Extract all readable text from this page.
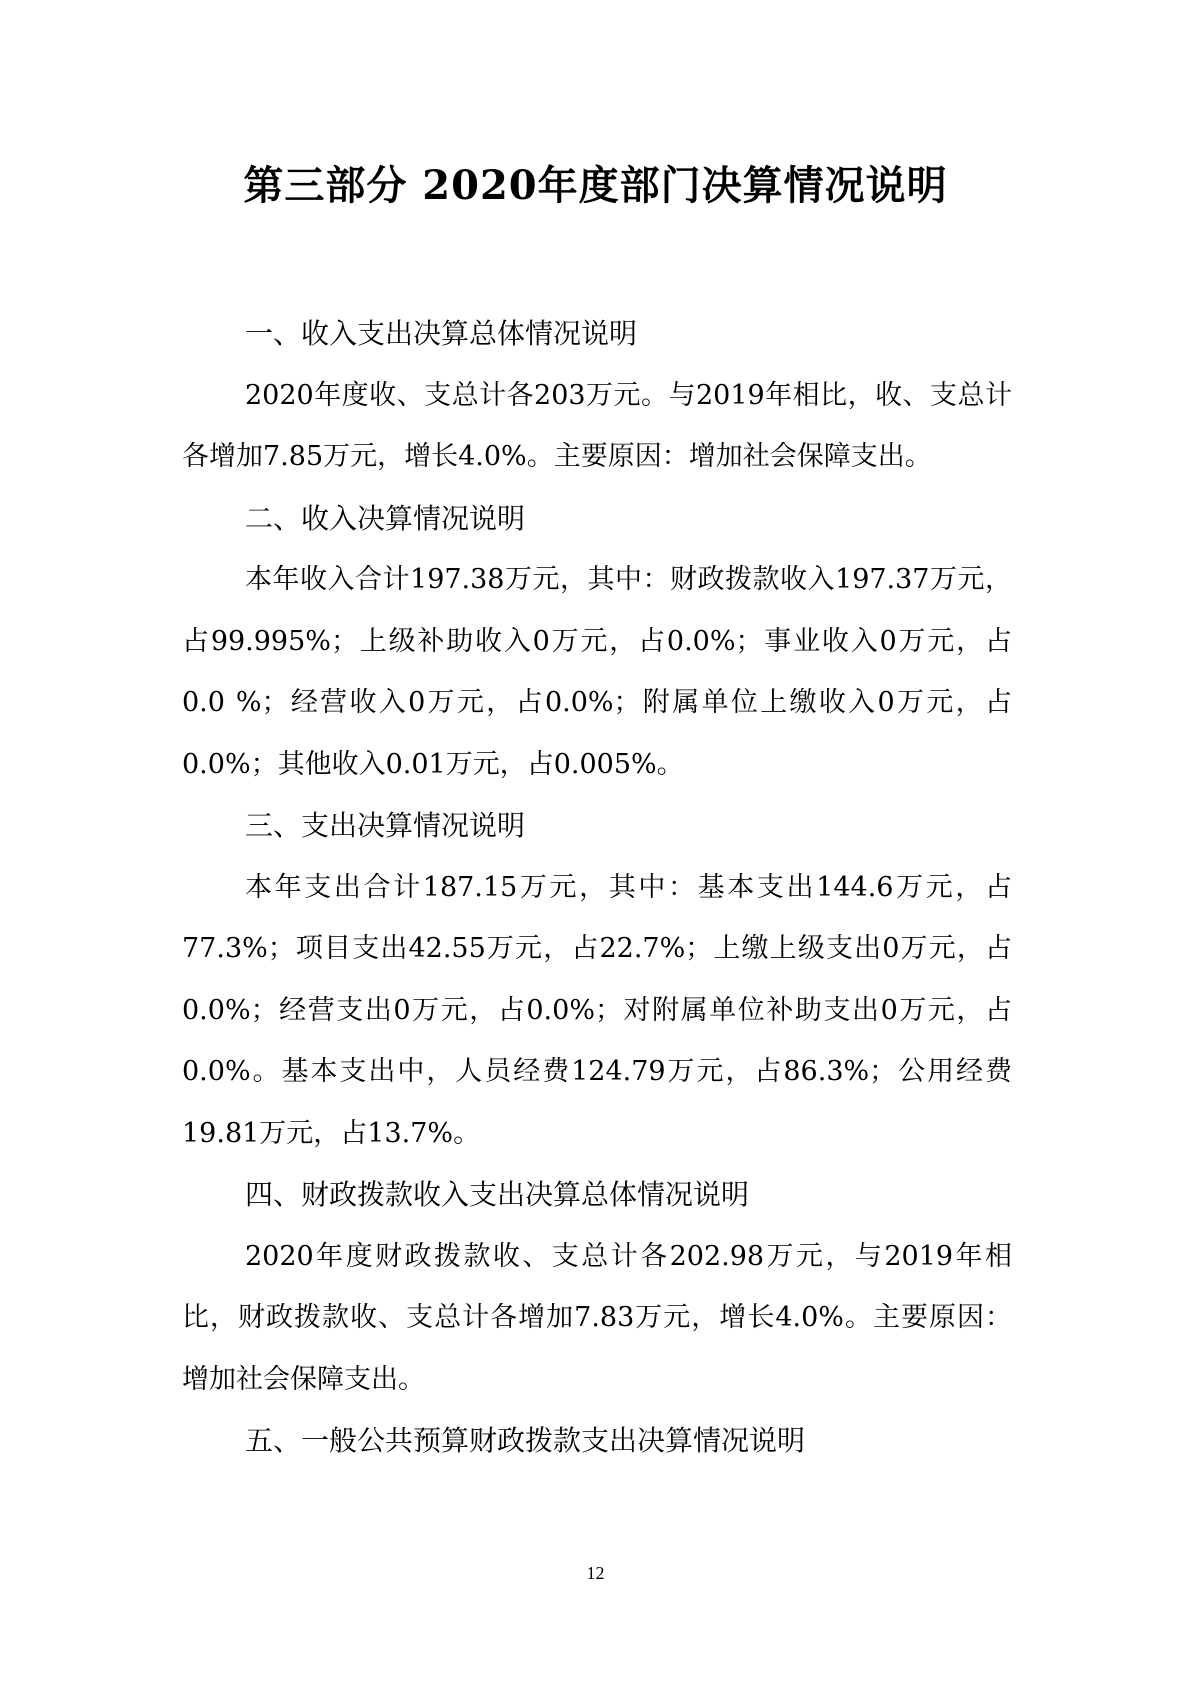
第三部分 2020年度部门决算情况说明
一、收入支出决算总体情况说明

2020年度收、支总计各203万元。与2019年相比，收、支总计各增加7.85万元，增长4.0%。主要原因：增加社会保障支出。

二、收入决算情况说明

本年收入合计197.38万元，其中：财政拨款收入197.37万元，占99.995%；上级补助收入0万元，占0.0%；事业收入0万元，占0.0 %；经营收入0万元，占0.0%；附属单位上缴收入0万元，占0.0%；其他收入0.01万元，占0.005%。

三、支出决算情况说明

本年支出合计187.15万元，其中：基本支出144.6万元，占77.3%；项目支出42.55万元，占22.7%；上缴上级支出0万元，占0.0%；经营支出0万元，占0.0%；对附属单位补助支出0万元，占0.0%。基本支出中，人员经费124.79万元，占86.3%；公用经费19.81万元，占13.7%。

四、财政拨款收入支出决算总体情况说明

2020年度财政拨款收、支总计各202.98万元，与2019年相比，财政拨款收、支总计各增加7.83万元，增长4.0%。主要原因：增加社会保障支出。

五、一般公共预算财政拨款支出决算情况说明
12
